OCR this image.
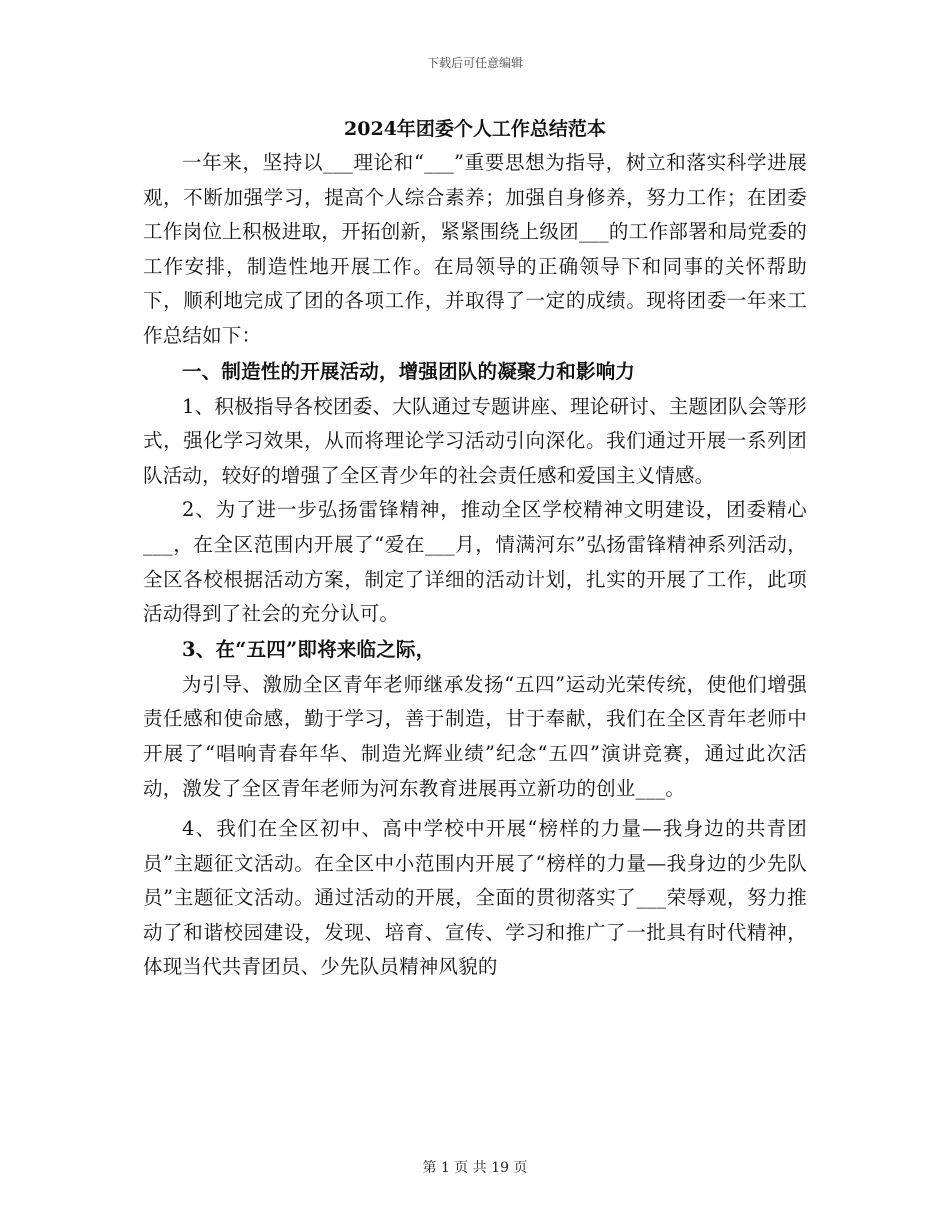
下载后可任意编辑

2024年团委个人工作总结范本

一年来，坚持以___理论和“___”重要思想为指导，树立和落实科学进展观，不断加强学习，提高个人综合素养；加强自身修养，努力工作；在团委工作岗位上积极进取，开拓创新，紧紧围绕上级团___的工作部署和局党委的工作安排，制造性地开展工作。在局领导的正确领导下和同事的关怀帮助下，顺利地完成了团的各项工作，并取得了一定的成绩。现将团委一年来工作总结如下：

一、制造性的开展活动，增强团队的凝聚力和影响力

1、积极指导各校团委、大队通过专题讲座、理论研讨、主题团队会等形式，强化学习效果，从而将理论学习活动引向深化。我们通过开展一系列团队活动，较好的增强了全区青少年的社会责任感和爱国主义情感。

2、为了进一步弘扬雷锋精神，推动全区学校精神文明建设，团委精心___，在全区范围内开展了“爱在___月，情满河东”弘扬雷锋精神系列活动，全区各校根据活动方案，制定了详细的活动计划，扎实的开展了工作，此项活动得到了社会的充分认可。

3、在“五四”即将来临之际，

为引导、激励全区青年老师继承发扬“五四”运动光荣传统，使他们增强责任感和使命感，勤于学习，善于制造，甘于奉献，我们在全区青年老师中开展了“唱响青春年华、制造光辉业绩”纪念“五四”演讲竞赛，通过此次活动，激发了全区青年老师为河东教育进展再立新功的创业___。

4、我们在全区初中、高中学校中开展“榜样的力量—我身边的共青团员”主题征文活动。在全区中小范围内开展了“榜样的力量—我身边的少先队员”主题征文活动。通过活动的开展，全面的贯彻落实了___荣辱观，努力推动了和谐校园建设，发现、培育、宣传、学习和推广了一批具有时代精神，体现当代共青团员、少先队员精神风貌的

第 1 页 共 19 页
